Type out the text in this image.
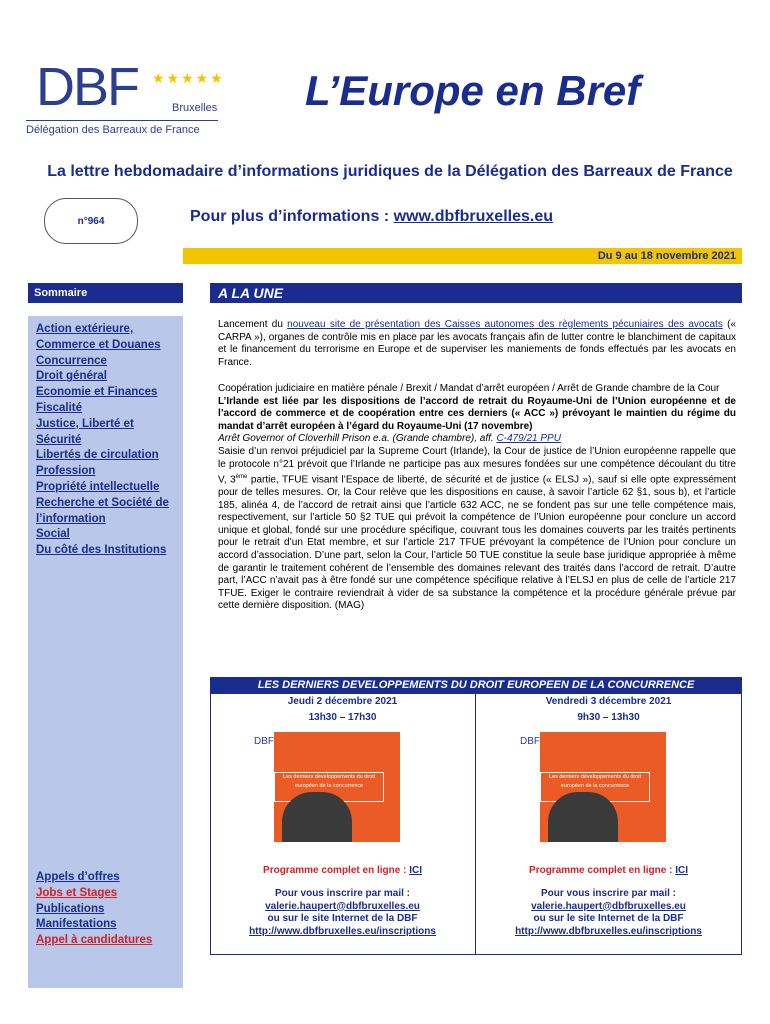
DBF ★★★★★
Bruxelles
Délégation des Barreaux de France
L’Europe en Bref
La lettre hebdomadaire d’informations juridiques de la Délégation des Barreaux de France
Pour plus d’informations : www.dbfbruxelles.eu
n°964
Du 9 au 18 novembre 2021
Sommaire
Action extérieure, Commerce et Douanes
Concurrence
Droit général
Economie et Finances
Fiscalité
Justice, Liberté et Sécurité
Libertés de circulation
Profession
Propriété intellectuelle
Recherche et Société de l’information
Social
Du côté des Institutions
Appels d’offres
Jobs et Stages
Publications
Manifestations
Appel à candidatures
A LA UNE
Lancement du nouveau site de présentation des Caisses autonomes des règlements pécuniaires des avocats (« CARPA »), organes de contrôle mis en place par les avocats français afin de lutter contre le blanchiment de capitaux et le financement du terrorisme en Europe et de superviser les maniements de fonds effectués par les avocats en France.
Coopération judiciaire en matière pénale / Brexit / Mandat d’arrêt européen / Arrêt de Grande chambre de la Cour
L’Irlande est liée par les dispositions de l’accord de retrait du Royaume-Uni de l’Union européenne et de l’accord de commerce et de coopération entre ces derniers (« ACC ») prévoyant le maintien du régime du mandat d’arrêt européen à l’égard du Royaume-Uni (17 novembre)
Arrêt Governor of Cloverhill Prison e.a. (Grande chambre), aff. C-479/21 PPU
Saisie d’un renvoi préjudiciel par la Supreme Court (Irlande), la Cour de justice de l’Union européenne rappelle que le protocole n°21 prévoit que l’Irlande ne participe pas aux mesures fondées sur une compétence découlant du titre V, 3ème partie, TFUE visant l’Espace de liberté, de sécurité et de justice (« ELSJ »), sauf si elle opte expressément pour de telles mesures. Or, la Cour relève que les dispositions en cause, à savoir l’article 62 §1, sous b), et l’article 185, alinéa 4, de l’accord de retrait ainsi que l’article 632 ACC, ne se fondent pas sur une telle compétence mais, respectivement, sur l’article 50 §2 TUE qui prévoit la compétence de l’Union européenne pour conclure un accord unique et global, fondé sur une procédure spécifique, couvrant tous les domaines couverts par les traités pertinents pour le retrait d’un Etat membre, et sur l’article 217 TFUE prévoyant la compétence de l’Union pour conclure un accord d’association. D’une part, selon la Cour, l’article 50 TUE constitue la seule base juridique appropriée à même de garantir le traitement cohérent de l’ensemble des domaines relevant des traités dans l’accord de retrait. D’autre part, l’ACC n’avait pas à être fondé sur une compétence spécifique relative à l’ELSJ en plus de celle de l’article 217 TFUE. Exiger le contraire reviendrait à vider de sa substance la compétence et la procédure générale prévue par cette dernière disposition. (MAG)
LES DERNIERS DEVELOPPEMENTS DU DROIT EUROPEEN DE LA CONCURRENCE
Jeudi 2 décembre 2021
13h30 – 17h30
Vendredi 3 décembre 2021
9h30 – 13h30
DBF
Les derniers développements du droit européen de la concurrence
DBF
Les derniers développements du droit européen de la concurrence
Programme complet en ligne : ICI
Pour vous inscrire par mail :
valerie.haupert@dbfbruxelles.eu
ou sur le site Internet de la DBF
http://www.dbfbruxelles.eu/inscriptions
Programme complet en ligne : ICI
Pour vous inscrire par mail :
valerie.haupert@dbfbruxelles.eu
ou sur le site Internet de la DBF
http://www.dbfbruxelles.eu/inscriptions
